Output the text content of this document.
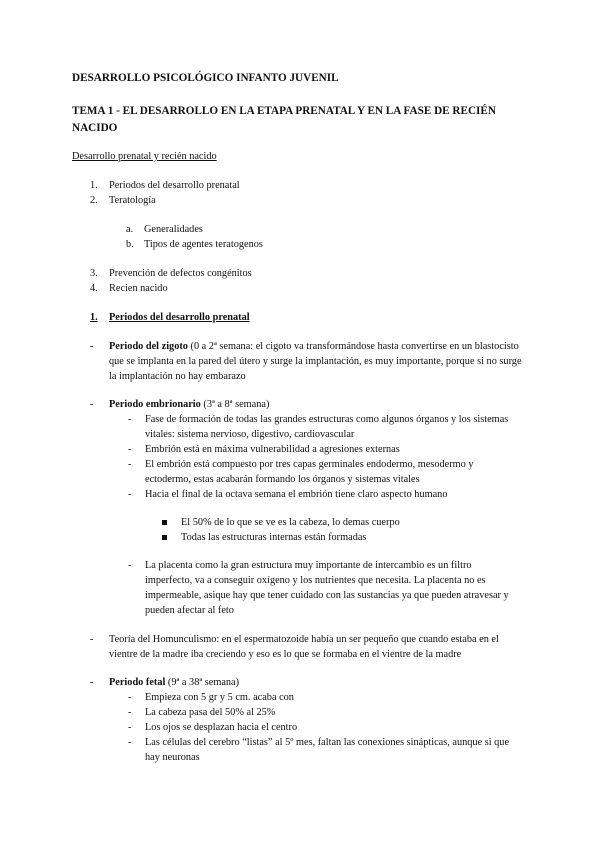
DESARROLLO PSICOLÓGICO INFANTO JUVENIL
TEMA 1 - EL DESARROLLO EN LA ETAPA PRENATAL Y EN LA FASE DE RECIÉN NACIDO
Desarrollo prenatal y recién nacido
1. Periodos del desarrollo prenatal
2. Teratología
a. Generalidades
b. Tipos de agentes teratogenos
3. Prevención de defectos congénitos
4. Recien nacido
1. Periodos del desarrollo prenatal
- Periodo del zigoto (0 a 2ª semana: el cigoto va transformándose hasta convertirse en un blastocisto que se implanta en la pared del útero y surge la implantación, es muy importante, porque si no surge la implantación no hay embarazo
- Periodo embrionario (3ª a 8ª semana)
- Fase de formación de todas las grandes estructuras como algunos órganos y los sistemas vitales: sistema nervioso, digestivo, cardiovascular
- Embrión está en máxima vulnerabilidad a agresiones externas
- El embrión está compuesto por tres capas germinales endodermo, mesodermo y ectodermo, estas acabarán formando los órganos y sistemas vitales
- Hacia el final de la octava semana el embrión tiene claro aspecto humano
El 50% de lo que se ve es la cabeza, lo demas cuerpo
Todas las estructuras internas están formadas
- La placenta como la gran estructura muy importante de intercambio es un filtro imperfecto, va a conseguir oxígeno y los nutrientes que necesita. La placenta no es impermeable, asique hay que tener cuidado con las sustancias ya que pueden atravesar y pueden afectar al feto
- Teoría del Homunculismo: en el espermatozoide había un ser pequeño que cuando estaba en el vientre de la madre iba creciendo y eso es lo que se formaba en el vientre de la madre
- Periodo fetal (9ª a 38ª semana)
- Empieza con 5 gr y 5 cm. acaba con
- La cabeza pasa del 50% al 25%
- Los ojos se desplazan hacia el centro
- Las células del cerebro “listas” al 5º mes, faltan las conexiones sinápticas, aunque si que hay neuronas
